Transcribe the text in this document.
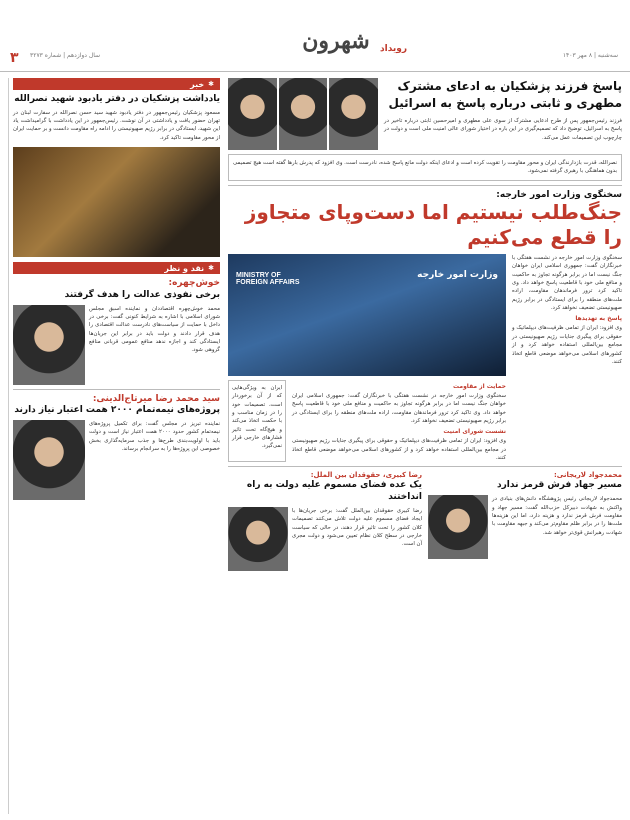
۳ سال دوازدهم | شماره ۳۲۷۳
شهرون	رویداد
سه‌شنبه | ۸ مهر ۱۴۰۳
✱
خبر
یادداشت پزشکیان در دفتر یادبود شهید نصرالله
مسعود پزشکیان رئیس‌جمهور در دفتر یادبود شهید سید حسن نصرالله در سفارت لبنان در تهران حضور یافت و یادداشتی در آن نوشت. رئیس‌جمهور در این یادداشت با گرامیداشت یاد این شهید، ایستادگی در برابر رژیم صهیونیستی را ادامه راه مقاومت دانست و بر حمایت ایران از محور مقاومت تاکید کرد.
✱
نقد و نظر
خوش‌چهره:
برخی نفوذی عدالت را هدف گرفتند
محمد خوش‌چهره اقتصاددان و نماینده اسبق مجلس شورای اسلامی با اشاره به شرایط کنونی گفت: برخی در داخل با حمایت از سیاست‌های نادرست عدالت اقتصادی را هدف قرار دادند و دولت باید در برابر این جریان‌ها ایستادگی کند و اجازه ندهد منافع عمومی قربانی منافع گروهی شود.
سید محمد رضا میرتاج‌الدینی:
پروژه‌های نیمه‌تمام ۲۰۰۰ همت اعتبار نیاز دارند
نماینده تبریز در مجلس گفت: برای تکمیل پروژه‌های نیمه‌تمام کشور حدود ۲۰۰۰ همت اعتبار نیاز است و دولت باید با اولویت‌بندی طرح‌ها و جذب سرمایه‌گذاری بخش خصوصی این پروژه‌ها را به سرانجام برساند.
پاسخ فرزند پزشکیان به ادعای مشترک مطهری و ثابتی درباره پاسخ به اسرائیل
فرزند رئیس‌جمهور پس از طرح ادعایی مشترک از سوی علی مطهری و امیرحسین ثابتی درباره تاخیر در پاسخ به اسرائیل، توضیح داد که تصمیم‌گیری در این باره در اختیار شورای عالی امنیت ملی است و دولت در چارچوب این تصمیمات عمل می‌کند.
نصرالله، قدرت بازدارندگی ایران و محور مقاومت را تقویت کرده است و ادعای اینکه دولت مانع پاسخ شده، نادرست است. وی افزود که پدرش بارها گفته است هیچ تصمیمی بدون هماهنگی با رهبری گرفته نمی‌شود.
سخنگوی وزارت امور خارجه:
جنگ‌طلب نیستیم اما دست‌وپای متجاوز را قطع می‌کنیم
سخنگوی وزارت امور خارجه در نشست هفتگی با خبرنگاران گفت: جمهوری اسلامی ایران خواهان جنگ نیست اما در برابر هرگونه تجاوز به حاکمیت و منافع ملی خود با قاطعیت پاسخ خواهد داد. وی تاکید کرد ترور فرماندهان مقاومت، اراده ملت‌های منطقه را برای ایستادگی در برابر رژیم صهیونیستی تضعیف نخواهد کرد.
پاسخ به تهدیدها
وی افزود: ایران از تمامی ظرفیت‌های دیپلماتیک و حقوقی برای پیگیری جنایات رژیم صهیونیستی در مجامع بین‌المللی استفاده خواهد کرد و از کشورهای اسلامی می‌خواهد موضعی قاطع اتخاذ کنند.
MINISTRY OF FOREIGN AFFAIRS
وزارت امور خارجه
حمایت از مقاومت
سخنگوی وزارت امور خارجه در نشست هفتگی با خبرنگاران گفت: جمهوری اسلامی ایران خواهان جنگ نیست اما در برابر هرگونه تجاوز به حاکمیت و منافع ملی خود با قاطعیت پاسخ خواهد داد. وی تاکید کرد ترور فرماندهان مقاومت، اراده ملت‌های منطقه را برای ایستادگی در برابر رژیم صهیونیستی تضعیف نخواهد کرد.
نشست شورای امنیت
وی افزود: ایران از تمامی ظرفیت‌های دیپلماتیک و حقوقی برای پیگیری جنایات رژیم صهیونیستی در مجامع بین‌المللی استفاده خواهد کرد و از کشورهای اسلامی می‌خواهد موضعی قاطع اتخاذ کنند.
ایران به ویژگی‌هایی که از آن برخوردار است، تصمیمات خود را در زمان مناسب و با حکمت اتخاذ می‌کند و هیچ‌گاه تحت تاثیر فشارهای خارجی قرار نمی‌گیرد.
محمدجواد لاریجانی:
مسیر جهاد فرش قرمز ندارد
محمدجواد لاریجانی رئیس پژوهشگاه دانش‌های بنیادی در واکنش به شهادت دبیرکل حزب‌الله گفت: مسیر جهاد و مقاومت فرش قرمز ندارد و هزینه دارد، اما این هزینه‌ها ملت‌ها را در برابر ظلم مقاوم‌تر می‌کند و جبهه مقاومت با شهادت رهبرانش قوی‌تر خواهد شد.
رضا کبیری، حقوقدان بین الملل:
یک عده فضای مسموم علیه دولت به راه انداختند
رضا کبیری حقوقدان بین‌الملل گفت: برخی جریان‌ها با ایجاد فضای مسموم علیه دولت تلاش می‌کنند تصمیمات کلان کشور را تحت تاثیر قرار دهند، در حالی که سیاست خارجی در سطح کلان نظام تعیین می‌شود و دولت مجری آن است.
